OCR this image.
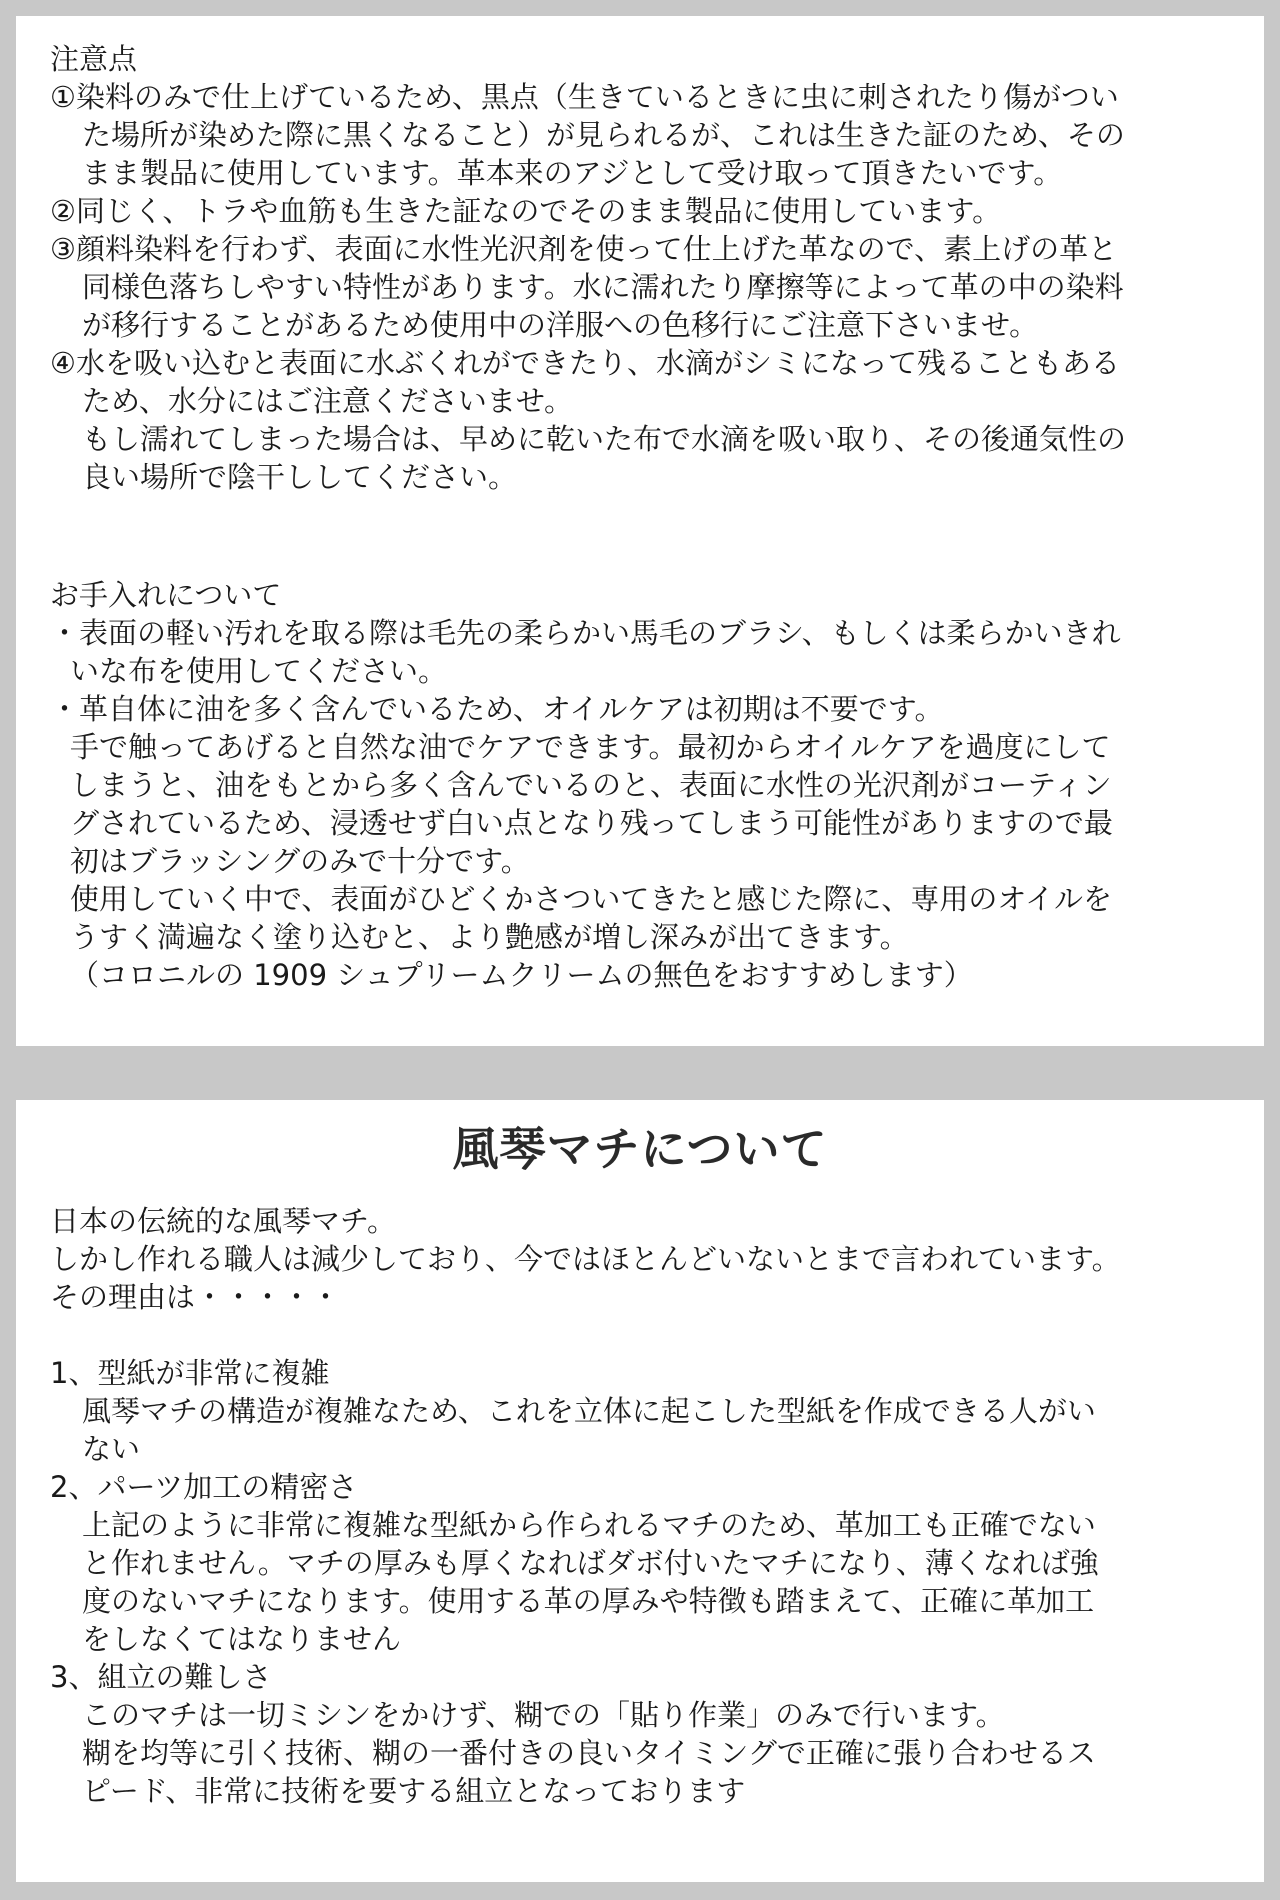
注意点
①染料のみで仕上げているため、黒点（生きているときに虫に刺されたり傷がつい
た場所が染めた際に黒くなること）が見られるが、これは生きた証のため、その
まま製品に使用しています。革本来のアジとして受け取って頂きたいです。
②同じく、トラや血筋も生きた証なのでそのまま製品に使用しています。
③顔料染料を行わず、表面に水性光沢剤を使って仕上げた革なので、素上げの革と
同様色落ちしやすい特性があります。水に濡れたり摩擦等によって革の中の染料
が移行することがあるため使用中の洋服への色移行にご注意下さいませ。
④水を吸い込むと表面に水ぶくれができたり、水滴がシミになって残ることもある
ため、水分にはご注意くださいませ。
もし濡れてしまった場合は、早めに乾いた布で水滴を吸い取り、その後通気性の
良い場所で陰干ししてください。
お手入れについて
・表面の軽い汚れを取る際は毛先の柔らかい馬毛のブラシ、もしくは柔らかいきれ
いな布を使用してください。
・革自体に油を多く含んでいるため、オイルケアは初期は不要です。
手で触ってあげると自然な油でケアできます。最初からオイルケアを過度にして
しまうと、油をもとから多く含んでいるのと、表面に水性の光沢剤がコーティン
グされているため、浸透せず白い点となり残ってしまう可能性がありますので最
初はブラッシングのみで十分です。
使用していく中で、表面がひどくかさついてきたと感じた際に、専用のオイルを
うすく満遍なく塗り込むと、より艶感が増し深みが出てきます。
（コロニルの 1909 シュプリームクリームの無色をおすすめします）
風琴マチについて
日本の伝統的な風琴マチ。
しかし作れる職人は減少しており、今ではほとんどいないとまで言われています。
その理由は・・・・・
1、型紙が非常に複雑
風琴マチの構造が複雑なため、これを立体に起こした型紙を作成できる人がい
ない
2、パーツ加工の精密さ
上記のように非常に複雑な型紙から作られるマチのため、革加工も正確でない
と作れません。マチの厚みも厚くなればダボ付いたマチになり、薄くなれば強
度のないマチになります。使用する革の厚みや特徴も踏まえて、正確に革加工
をしなくてはなりません
3、組立の難しさ
このマチは一切ミシンをかけず、糊での「貼り作業」のみで行います。
糊を均等に引く技術、糊の一番付きの良いタイミングで正確に張り合わせるス
ピード、非常に技術を要する組立となっております
